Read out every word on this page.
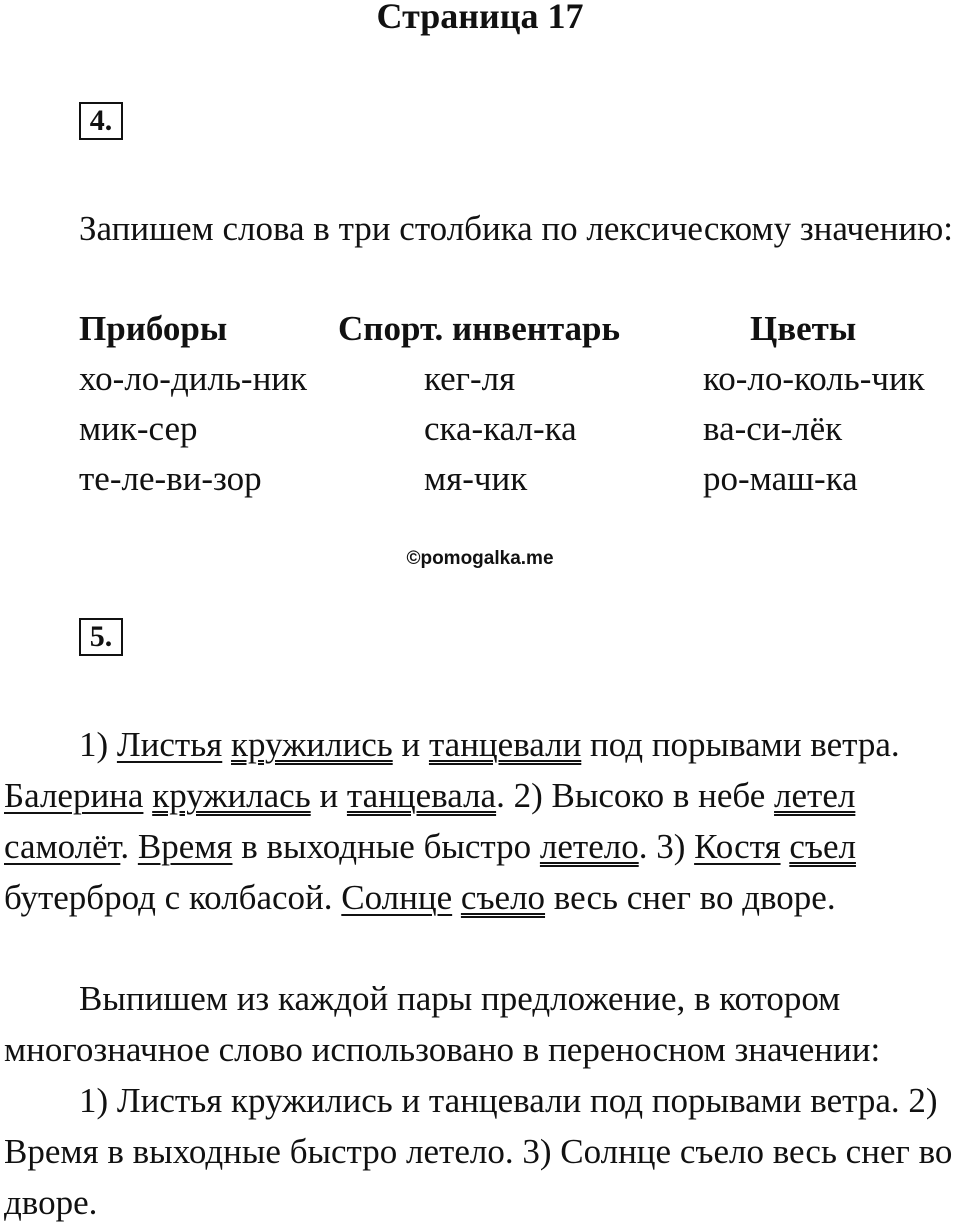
Страница 17
4.

Запишем слова в три столбика по лексическому значению:

Приборы	Спорт. инвентарь	Цветы
хо-ло-диль-ник
мик-сер
те-ле-ви-зор
кег-ля
ска-кал-ка
мя-чик
ко-ло-коль-чик
ва-си-лёк
ро-маш-ка
©pomogalka.me
5.

1) Листья кружились и танцевали под порывами ветра. Балерина кружилась и танцевала. 2) Высоко в небе летел самолёт. Время в выходные быстро летело. 3) Костя съел бутерброд с колбасой. Солнце съело весь снег во дворе.

Выпишем из каждой пары предложение, в котором многозначное слово использовано в переносном значении:

1) Листья кружились и танцевали под порывами ветра. 2) Время в выходные быстро летело. 3) Солнце съело весь снег во дворе.
